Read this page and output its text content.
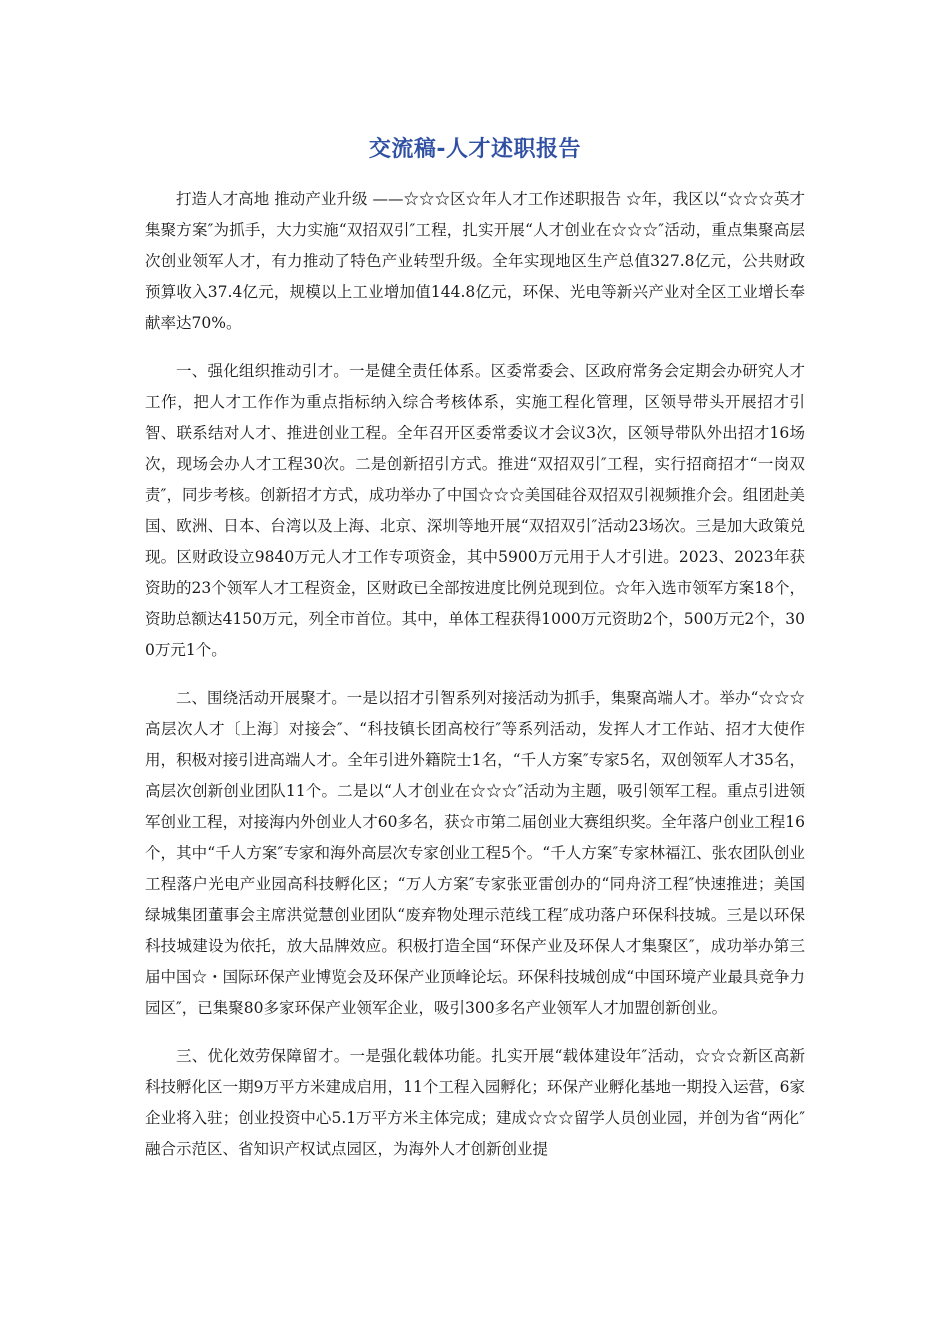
交流稿-人才述职报告

打造人才高地 推动产业升级 ——☆☆☆区☆年人才工作述职报告 ☆年，我区以“☆☆☆英才集聚方案″为抓手，大力实施“双招双引″工程，扎实开展“人才创业在☆☆☆″活动，重点集聚高层次创业领军人才，有力推动了特色产业转型升级。全年实现地区生产总值327.8亿元，公共财政预算收入37.4亿元，规模以上工业增加值144.8亿元，环保、光电等新兴产业对全区工业增长奉献率达70%。

一、强化组织推动引才。一是健全责任体系。区委常委会、区政府常务会定期会办研究人才工作，把人才工作作为重点指标纳入综合考核体系，实施工程化管理，区领导带头开展招才引智、联系结对人才、推进创业工程。全年召开区委常委议才会议3次，区领导带队外出招才16场次，现场会办人才工程30次。二是创新招引方式。推进“双招双引″工程，实行招商招才“一岗双责″，同步考核。创新招才方式，成功举办了中国☆☆☆美国硅谷双招双引视频推介会。组团赴美国、欧洲、日本、台湾以及上海、北京、深圳等地开展“双招双引″活动23场次。三是加大政策兑现。区财政设立9840万元人才工作专项资金，其中5900万元用于人才引进。2023、2023年获资助的23个领军人才工程资金，区财政已全部按进度比例兑现到位。☆年入选市领军方案18个，资助总额达4150万元，列全市首位。其中，单体工程获得1000万元资助2个，500万元2个，300万元1个。

二、围绕活动开展聚才。一是以招才引智系列对接活动为抓手，集聚高端人才。举办“☆☆☆高层次人才〔上海〕对接会″、“科技镇长团高校行″等系列活动，发挥人才工作站、招才大使作用，积极对接引进高端人才。全年引进外籍院士1名，“千人方案″专家5名，双创领军人才35名，高层次创新创业团队11个。二是以“人才创业在☆☆☆″活动为主题，吸引领军工程。重点引进领军创业工程，对接海内外创业人才60多名，获☆市第二届创业大赛组织奖。全年落户创业工程16个，其中“千人方案″专家和海外高层次专家创业工程5个。“千人方案″专家林福江、张农团队创业工程落户光电产业园高科技孵化区；“万人方案″专家张亚雷创办的“同舟济工程″快速推进；美国绿城集团董事会主席洪觉慧创业团队“废弃物处理示范线工程″成功落户环保科技城。三是以环保科技城建设为依托，放大品牌效应。积极打造全国“环保产业及环保人才集聚区″，成功举办第三届中国☆・国际环保产业博览会及环保产业顶峰论坛。环保科技城创成“中国环境产业最具竞争力园区″，已集聚80多家环保产业领军企业，吸引300多名产业领军人才加盟创新创业。

三、优化效劳保障留才。一是强化载体功能。扎实开展“载体建设年″活动，☆☆☆新区高新科技孵化区一期9万平方米建成启用，11个工程入园孵化；环保产业孵化基地一期投入运营，6家企业将入驻；创业投资中心5.1万平方米主体完成；建成☆☆☆留学人员创业园，并创为省“两化″融合示范区、省知识产权试点园区，为海外人才创新创业提
